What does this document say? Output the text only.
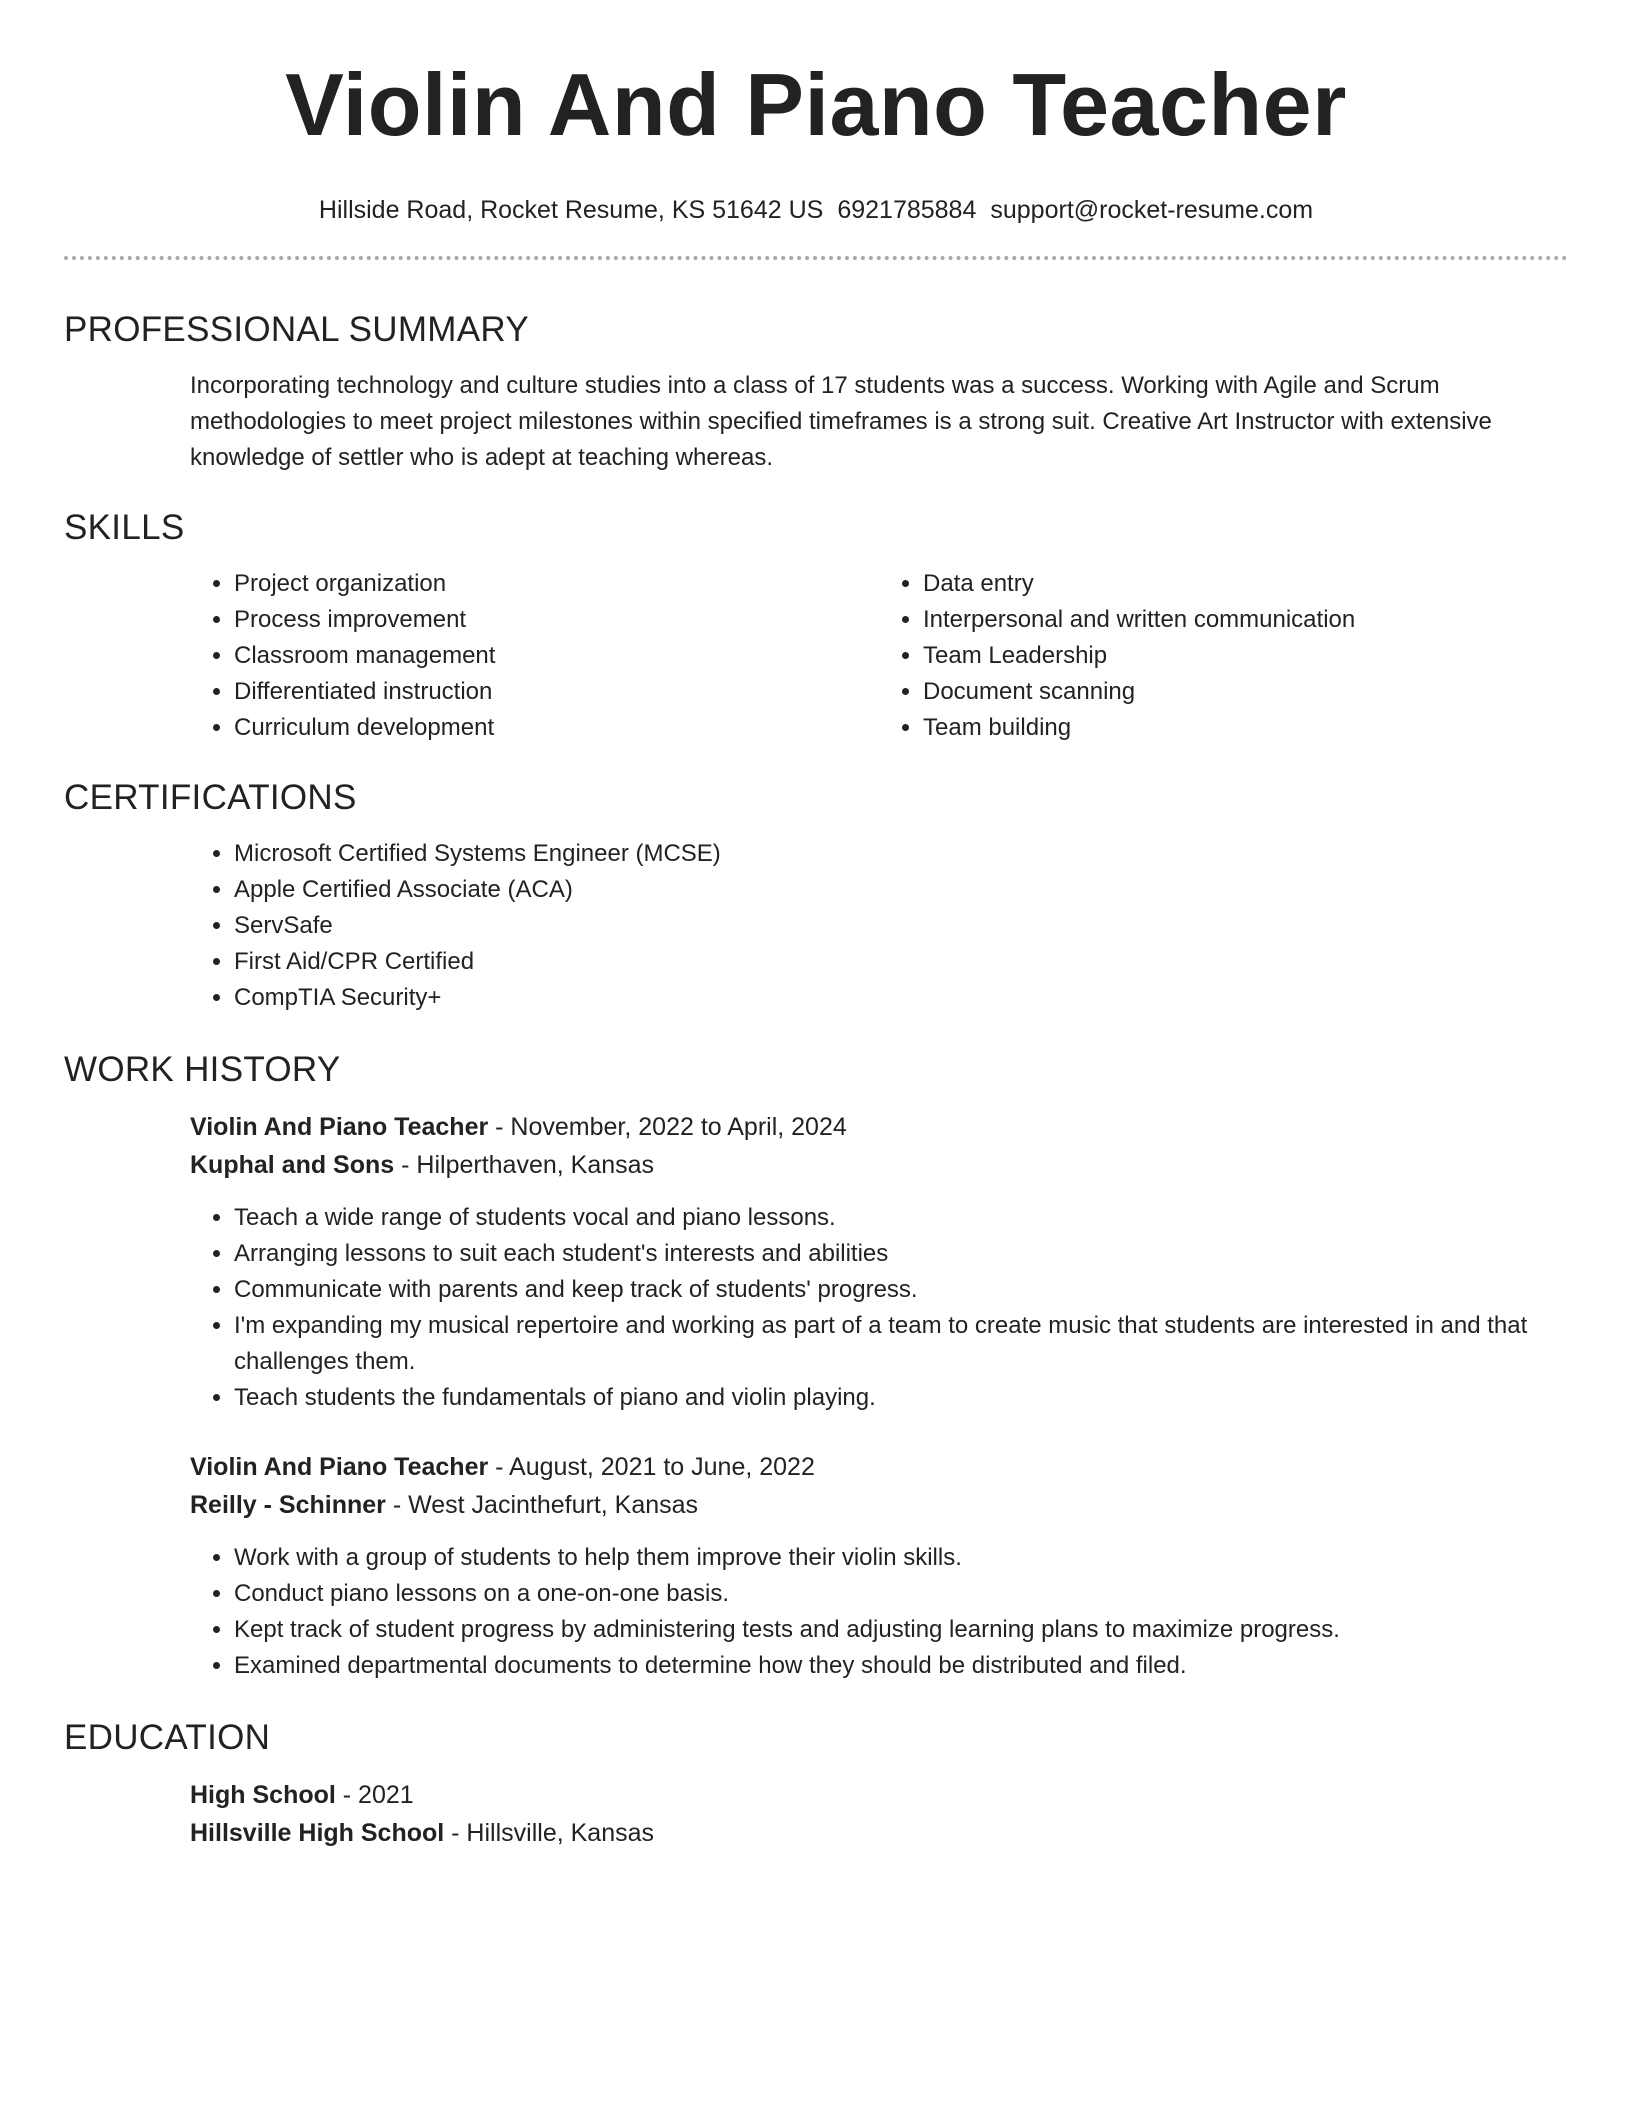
Violin And Piano Teacher
Hillside Road, Rocket Resume, KS 51642 US 6921785884 support@rocket-resume.com
PROFESSIONAL SUMMARY

Incorporating technology and culture studies into a class of 17 students was a success. Working with Agile and Scrum methodologies to meet project milestones within specified timeframes is a strong suit. Creative Art Instructor with extensive knowledge of settler who is adept at teaching whereas.

SKILLS
• Project organization
• Process improvement
• Classroom management
• Differentiated instruction
• Curriculum development
• Data entry
• Interpersonal and written communication
• Team Leadership
• Document scanning
• Team building
CERTIFICATIONS
• Microsoft Certified Systems Engineer (MCSE)
• Apple Certified Associate (ACA)
• ServSafe
• First Aid/CPR Certified
• CompTIA Security+
WORK HISTORY
Violin And Piano Teacher - November, 2022 to April, 2024
Kuphal and Sons - Hilperthaven, Kansas
• Teach a wide range of students vocal and piano lessons.
• Arranging lessons to suit each student's interests and abilities
• Communicate with parents and keep track of students' progress.
• I'm expanding my musical repertoire and working as part of a team to create music that students are interested in and that challenges them.
• Teach students the fundamentals of piano and violin playing.
Violin And Piano Teacher - August, 2021 to June, 2022
Reilly - Schinner - West Jacinthefurt, Kansas
• Work with a group of students to help them improve their violin skills.
• Conduct piano lessons on a one-on-one basis.
• Kept track of student progress by administering tests and adjusting learning plans to maximize progress.
• Examined departmental documents to determine how they should be distributed and filed.
EDUCATION
High School - 2021
Hillsville High School - Hillsville, Kansas
